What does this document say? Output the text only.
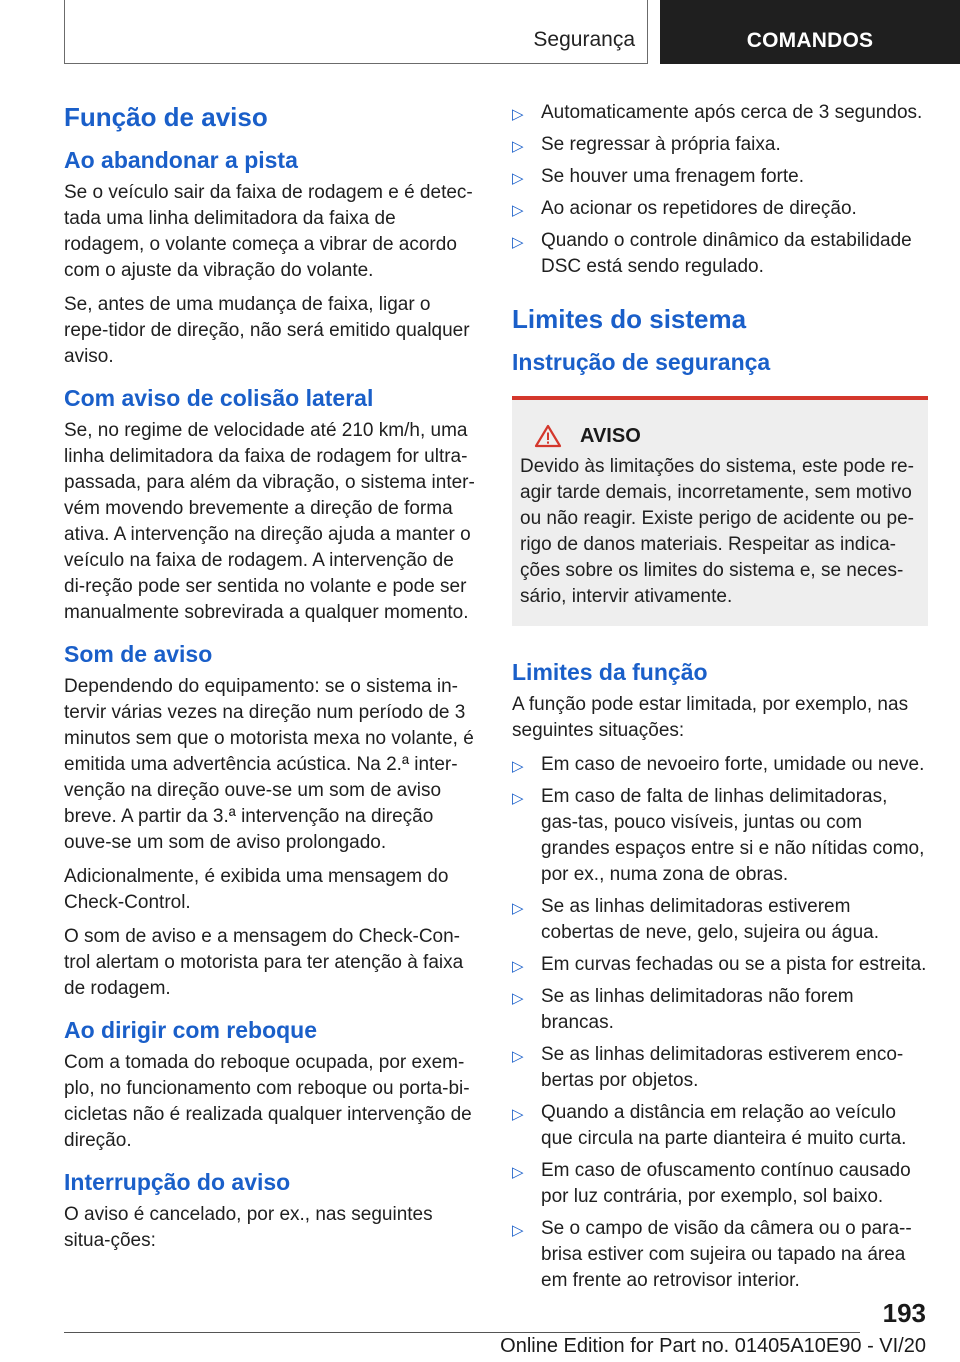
Segurança	COMANDOS
Função de aviso
Ao abandonar a pista

Se o veículo sair da faixa de rodagem e é detec-tada uma linha delimitadora da faixa de rodagem, o volante começa a vibrar de acordo com o ajuste da vibração do volante.

Se, antes de uma mudança de faixa, ligar o repe-tidor de direção, não será emitido qualquer aviso.

Com aviso de colisão lateral

Se, no regime de velocidade até 210 km/h, uma linha delimitadora da faixa de rodagem for ultra-passada, para além da vibração, o sistema inter-vém movendo brevemente a direção de forma ativa. A intervenção na direção ajuda a manter o veículo na faixa de rodagem. A intervenção de di-reção pode ser sentida no volante e pode ser manualmente sobrevirada a qualquer momento.

Som de aviso

Dependendo do equipamento: se o sistema in-tervir várias vezes na direção num período de 3 minutos sem que o motorista mexa no volante, é emitida uma advertência acústica. Na 2.ª inter-venção na direção ouve-se um som de aviso breve. A partir da 3.ª intervenção na direção ouve-se um som de aviso prolongado.

Adicionalmente, é exibida uma mensagem do Check-Control.

O som de aviso e a mensagem do Check-Con-trol alertam o motorista para ter atenção à faixa de rodagem.

Ao dirigir com reboque

Com a tomada do reboque ocupada, por exem-plo, no funcionamento com reboque ou porta-bi-cicletas não é realizada qualquer intervenção de direção.

Interrupção do aviso

O aviso é cancelado, por ex., nas seguintes situa-ções:

▷ Automaticamente após cerca de 3 segundos.
▷ Se regressar à própria faixa.
▷ Se houver uma frenagem forte.
▷ Ao acionar os repetidores de direção.
▷ Quando o controle dinâmico da estabilidade DSC está sendo regulado.
Limites do sistema
Instrução de segurança
AVISO

Devido às limitações do sistema, este pode re-agir tarde demais, incorretamente, sem motivo ou não reagir. Existe perigo de acidente ou pe-rigo de danos materiais. Respeitar as indica-ções sobre os limites do sistema e, se neces-sário, intervir ativamente.

Limites da função

A função pode estar limitada, por exemplo, nas seguintes situações:

▷ Em caso de nevoeiro forte, umidade ou neve.
▷ Em caso de falta de linhas delimitadoras, gas-tas, pouco visíveis, juntas ou com grandes espaços entre si e não nítidas como, por ex., numa zona de obras.
▷ Se as linhas delimitadoras estiverem cobertas de neve, gelo, sujeira ou água.
▷ Em curvas fechadas ou se a pista for estreita.
▷ Se as linhas delimitadoras não forem brancas.
▷ Se as linhas delimitadoras estiverem enco-bertas por objetos.
▷ Quando a distância em relação ao veículo que circula na parte dianteira é muito curta.
▷ Em caso de ofuscamento contínuo causado por luz contrária, por exemplo, sol baixo.
▷ Se o campo de visão da câmera ou o para--brisa estiver com sujeira ou tapado na área em frente ao retrovisor interior.
193
Online Edition for Part no. 01405A10E90 - VI/20
